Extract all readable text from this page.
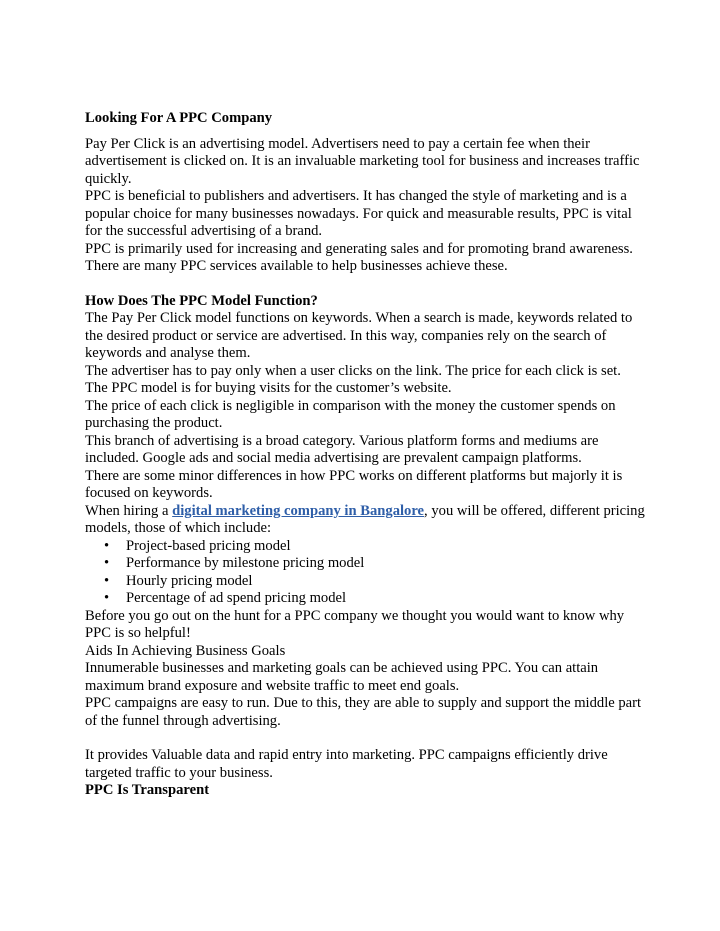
Looking For A PPC Company

Pay Per Click is an advertising model. Advertisers need to pay a certain fee when their advertisement is clicked on. It is an invaluable marketing tool for business and increases traffic quickly.

PPC is beneficial to publishers and advertisers. It has changed the style of marketing and is a popular choice for many businesses nowadays. For quick and measurable results, PPC is vital for the successful advertising of a brand.

PPC is primarily used for increasing and generating sales and for promoting brand awareness. There are many PPC services available to help businesses achieve these.

How Does The PPC Model Function?

The Pay Per Click model functions on keywords. When a search is made, keywords related to the desired product or service are advertised. In this way, companies rely on the search of keywords and analyse them.

The advertiser has to pay only when a user clicks on the link. The price for each click is set. The PPC model is for buying visits for the customer’s website.

The price of each click is negligible in comparison with the money the customer spends on purchasing the product.

This branch of advertising is a broad category. Various platform forms and mediums are included. Google ads and social media advertising are prevalent campaign platforms.

There are some minor differences in how PPC works on different platforms but majorly it is focused on keywords.

When hiring a digital marketing company in Bangalore, you will be offered, different pricing models, those of which include:

• Project-based pricing model
• Performance by milestone pricing model
• Hourly pricing model
• Percentage of ad spend pricing model

Before you go out on the hunt for a PPC company we thought you would want to know why PPC is so helpful!

Aids In Achieving Business Goals

Innumerable businesses and marketing goals can be achieved using PPC. You can attain maximum brand exposure and website traffic to meet end goals.

PPC campaigns are easy to run. Due to this, they are able to supply and support the middle part of the funnel through advertising.

It provides Valuable data and rapid entry into marketing. PPC campaigns efficiently drive targeted traffic to your business.

PPC Is Transparent
